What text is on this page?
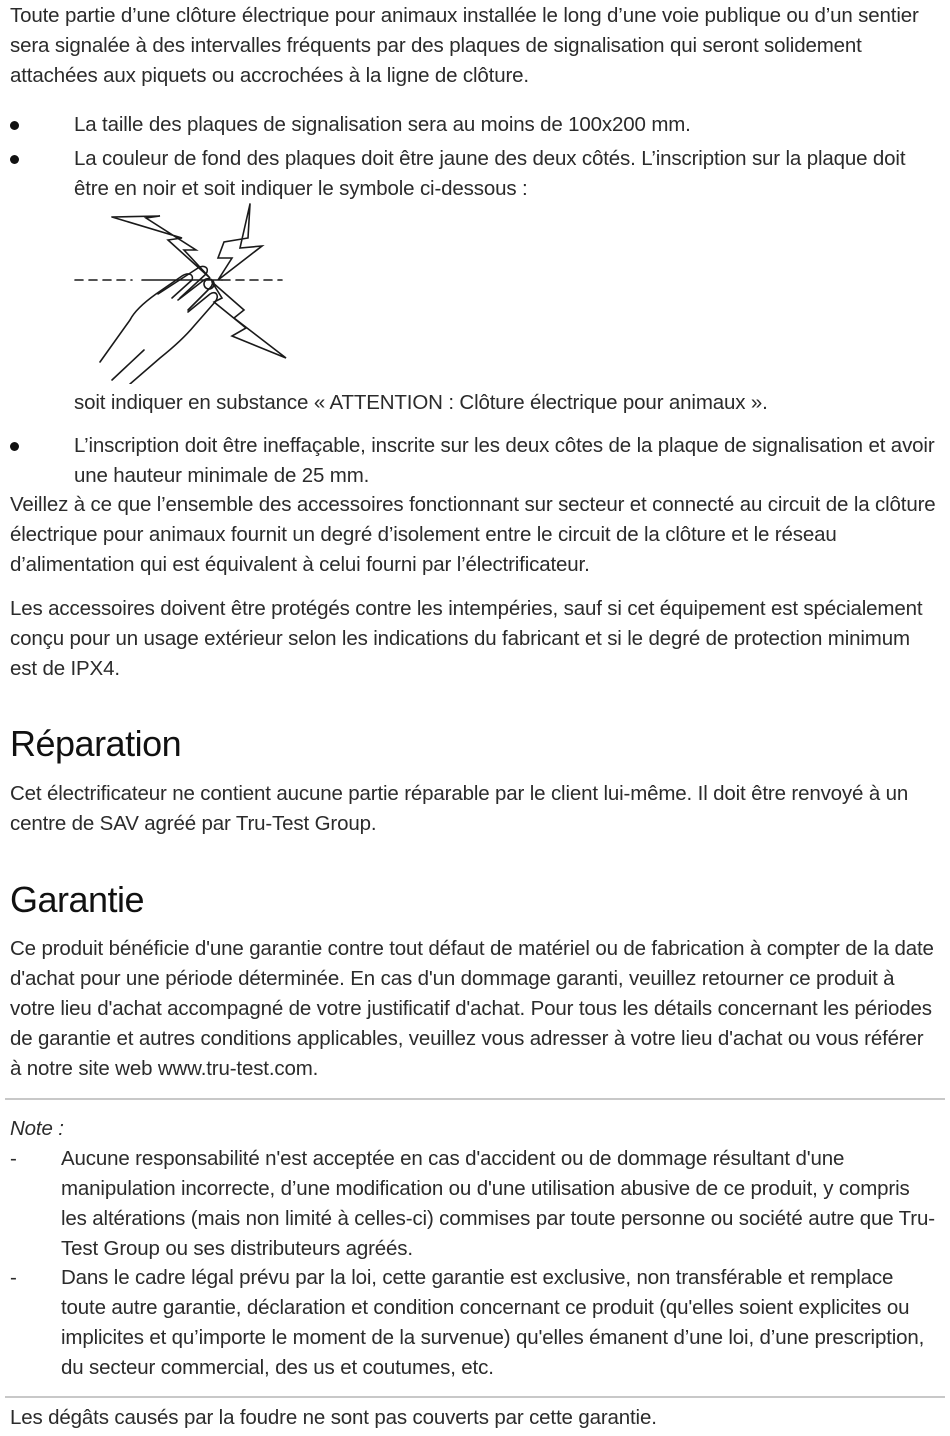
Toute partie d’une clôture électrique pour animaux installée le long d’une voie publique ou d’un sentier sera signalée à des intervalles fréquents par des plaques de signalisation qui seront solidement attachées aux piquets ou accrochées à la ligne de clôture.

La taille des plaques de signalisation sera au moins de 100x200 mm.

La couleur de fond des plaques doit être jaune des deux côtés. L’inscription sur la plaque doit être en noir et soit indiquer le symbole ci-dessous :

soit indiquer en substance « ATTENTION : Clôture électrique pour animaux ».

L’inscription doit être ineffaçable, inscrite sur les deux côtes de la plaque de signalisation et avoir une hauteur minimale de 25 mm.

Veillez à ce que l’ensemble des accessoires fonctionnant sur secteur et connecté au circuit de la clôture électrique pour animaux fournit un degré d’isolement entre le circuit de la clôture et le réseau d’alimentation qui est équivalent à celui fourni par l’électrificateur.

Les accessoires doivent être protégés contre les intempéries, sauf si cet équipement est spécialement conçu pour un usage extérieur selon les indications du fabricant et si le degré de protection minimum est de IPX4.

Réparation

Cet électrificateur ne contient aucune partie réparable par le client lui-même. Il doit être renvoyé à un centre de SAV agréé par Tru-Test Group.

Garantie

Ce produit bénéficie d'une garantie contre tout défaut de matériel ou de fabrication à compter de la date d'achat pour une période déterminée. En cas d'un dommage garanti, veuillez retourner ce produit à votre lieu d'achat accompagné de votre justificatif d'achat. Pour tous les détails concernant les périodes de garantie et autres conditions applicables, veuillez vous adresser à votre lieu d'achat ou vous référer à notre site web www.tru-test.com.

Note :

- Aucune responsabilité n'est acceptée en cas d'accident ou de dommage résultant d'une manipulation incorrecte, d’une modification ou d'une utilisation abusive de ce produit, y compris les altérations (mais non limité à celles-ci) commises par toute personne ou société autre que Tru-Test Group ou ses distributeurs agréés.

- Dans le cadre légal prévu par la loi, cette garantie est exclusive, non transférable et remplace toute autre garantie, déclaration et condition concernant ce produit (qu'elles soient explicites ou implicites et qu’importe le moment de la survenue) qu'elles émanent d’une loi, d’une prescription, du secteur commercial, des us et coutumes, etc.

Les dégâts causés par la foudre ne sont pas couverts par cette garantie.
